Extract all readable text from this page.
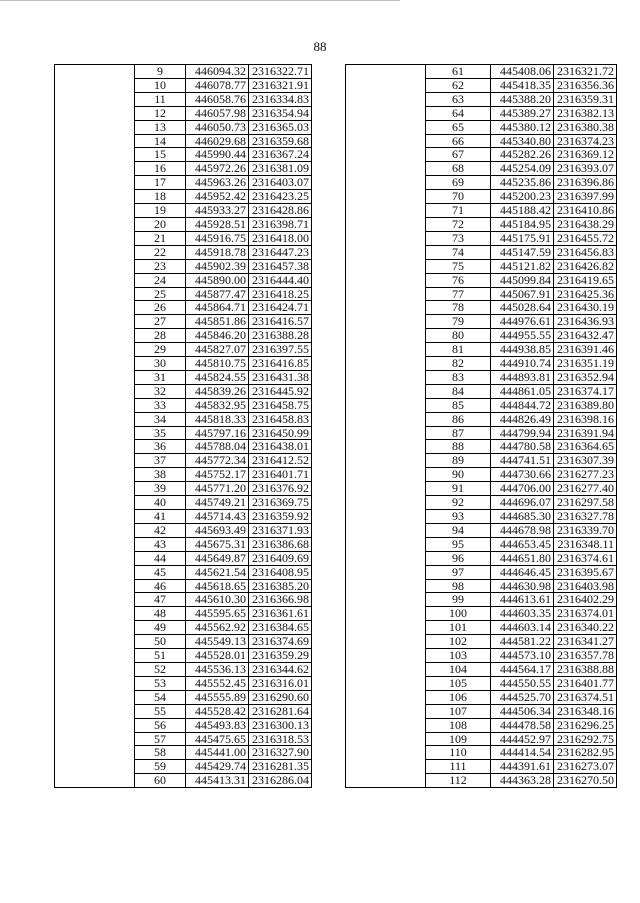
88
	9	446094.32	2316322.71
	10	446078.77	2316321.91
	11	446058.76	2316334.83
	12	446057.98	2316354.94
	13	446050.73	2316365.03
	14	446029.68	2316359.68
	15	445990.44	2316367.24
	16	445972.26	2316381.09
	17	445963.26	2316403.07
	18	445952.42	2316423.25
	19	445933.27	2316428.86
	20	445928.51	2316398.71
	21	445916.75	2316418.00
	22	445918.78	2316447.23
	23	445902.39	2316457.38
	24	445890.00	2316444.40
	25	445877.47	2316418.25
	26	445864.71	2316424.71
	27	445851.86	2316416.57
	28	445846.20	2316388.28
	29	445827.07	2316397.55
	30	445810.75	2316416.85
	31	445824.55	2316431.38
	32	445839.26	2316445.92
	33	445832.95	2316458.75
	34	445818.33	2316458.83
	35	445797.16	2316450.99
	36	445788.04	2316438.01
	37	445772.34	2316412.52
	38	445752.17	2316401.71
	39	445771.20	2316376.92
	40	445749.21	2316369.75
	41	445714.43	2316359.92
	42	445693.49	2316371.93
	43	445675.31	2316386.68
	44	445649.87	2316409.69
	45	445621.54	2316408.95
	46	445618.65	2316385.20
	47	445610.30	2316366.98
	48	445595.65	2316361.61
	49	445562.92	2316384.65
	50	445549.13	2316374.69
	51	445528.01	2316359.29
	52	445536.13	2316344.62
	53	445552.45	2316316.01
	54	445555.89	2316290.60
	55	445528.42	2316281.64
	56	445493.83	2316300.13
	57	445475.65	2316318.53
	58	445441.00	2316327.90
	59	445429.74	2316281.35
	60	445413.31	2316286.04
	61	445408.06	2316321.72
	62	445418.35	2316356.36
	63	445388.20	2316359.31
	64	445389.27	2316382.13
	65	445380.12	2316380.38
	66	445340.80	2316374.23
	67	445282.26	2316369.12
	68	445254.09	2316393.07
	69	445235.86	2316396.86
	70	445200.23	2316397.99
	71	445188.42	2316410.86
	72	445184.95	2316438.29
	73	445175.91	2316455.72
	74	445147.59	2316456.83
	75	445121.82	2316426.82
	76	445099.84	2316419.65
	77	445067.91	2316425.36
	78	445028.64	2316430.19
	79	444976.61	2316436.93
	80	444955.55	2316432.47
	81	444938.85	2316391.46
	82	444910.74	2316351.19
	83	444893.81	2316352.94
	84	444861.05	2316374.17
	85	444844.72	2316389.80
	86	444826.49	2316398.16
	87	444799.94	2316391.94
	88	444780.58	2316364.65
	89	444741.51	2316307.39
	90	444730.66	2316277.23
	91	444706.00	2316277.40
	92	444696.07	2316297.58
	93	444685.30	2316327.78
	94	444678.98	2316339.70
	95	444653.45	2316348.11
	96	444651.80	2316374.61
	97	444646.45	2316395.67
	98	444630.98	2316403.98
	99	444613.61	2316402.29
	100	444603.35	2316374.01
	101	444603.14	2316340.22
	102	444581.22	2316341.27
	103	444573.10	2316357.78
	104	444564.17	2316388.88
	105	444550.55	2316401.77
	106	444525.70	2316374.51
	107	444506.34	2316348.16
	108	444478.58	2316296.25
	109	444452.97	2316292.75
	110	444414.54	2316282.95
	111	444391.61	2316273.07
	112	444363.28	2316270.50
